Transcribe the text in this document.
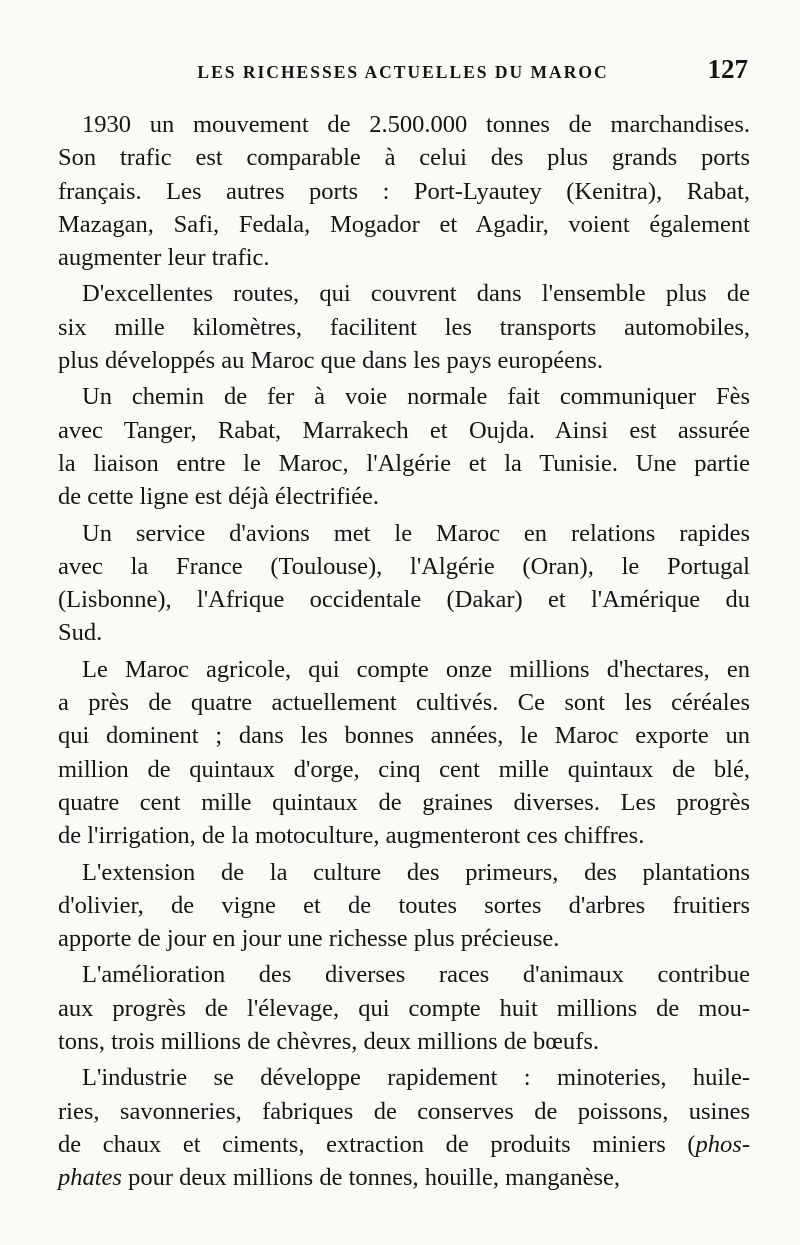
LES RICHESSES ACTUELLES DU MAROC	127

1930 un mouvement de 2.500.000 tonnes de marchandises.
Son trafic est comparable à celui des plus grands ports
français. Les autres ports : Port-Lyautey (Kenitra), Rabat,
Mazagan, Safi, Fedala, Mogador et Agadir, voient également
augmenter leur trafic.

D'excellentes routes, qui couvrent dans l'ensemble plus de
six mille kilomètres, facilitent les transports automobiles,
plus développés au Maroc que dans les pays européens.

Un chemin de fer à voie normale fait communiquer Fès
avec Tanger, Rabat, Marrakech et Oujda. Ainsi est assurée
la liaison entre le Maroc, l'Algérie et la Tunisie. Une partie
de cette ligne est déjà électrifiée.

Un service d'avions met le Maroc en relations rapides
avec la France (Toulouse), l'Algérie (Oran), le Portugal
(Lisbonne), l'Afrique occidentale (Dakar) et l'Amérique du
Sud.

Le Maroc agricole, qui compte onze millions d'hectares, en
a près de quatre actuellement cultivés. Ce sont les céréales
qui dominent ; dans les bonnes années, le Maroc exporte un
million de quintaux d'orge, cinq cent mille quintaux de blé,
quatre cent mille quintaux de graines diverses. Les progrès
de l'irrigation, de la motoculture, augmenteront ces chiffres.

L'extension de la culture des primeurs, des plantations
d'olivier, de vigne et de toutes sortes d'arbres fruitiers
apporte de jour en jour une richesse plus précieuse.

L'amélioration des diverses races d'animaux contribue
aux progrès de l'élevage, qui compte huit millions de mou-
tons, trois millions de chèvres, deux millions de bœufs.

L'industrie se développe rapidement : minoteries, huile-
ries, savonneries, fabriques de conserves de poissons, usines
de chaux et ciments, extraction de produits miniers (phos-
phates pour deux millions de tonnes, houille, manganèse,
